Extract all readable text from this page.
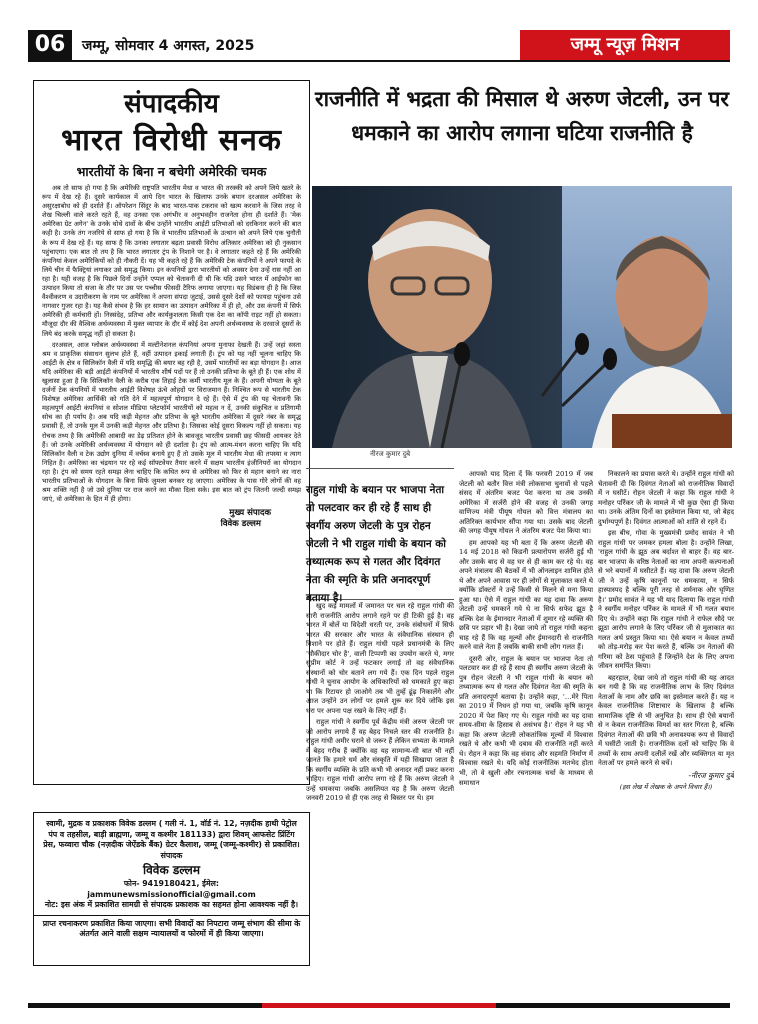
06	जम्मू, सोमवार 4 अगस्त, 2025	जम्मू न्यूज़ मिशन
संपादकीय
भारत विरोधी सनक
भारतीयों के बिना न बचेगी अमेरिकी चमक

अब तो साफ हो गया है कि अमेरिकी राष्ट्रपति भारतीय मेधा व भारत की तरक्की को अपने लिये खतरे के रूप में देख रहे हैं। दूसरे कार्यकाल में आये दिन भारत के खिलाफ उनके बयान दरअसल अमेरिका के असुरक्षाबोध को ही दर्शाते हैं। ऑपरेशन सिंदूर के बाद भारत-पाक टकराव को खत्म करवाने के जिस तरह वे शेख चिल्ली वाले करते रहते हैं, वह उनका एक अगंभीर व अनुभवहीन राजनेता होना ही दर्शाते हैं। 'मेक अमेरिका ग्रेट अगेन' के उनके थोथे दावों के बीच उन्होंने भारतीय आईटी प्रतिभाओं को दरकिनार करने की बात कही है। उनके तंग नजरिये से साफ हो गया है कि वे भारतीय प्रतिभाओं के उत्थान को अपने लिये एक चुनौती के रूप में देख रहे हैं। यह साफ है कि उनका लगातार बढ़ता प्रवासी विरोध अंतिकार अमेरिका को ही नुकसान पहुंचाएगा। एक बात तो तय है कि भारत लगातार ट्रंप के निशाने पर है। वे लगातार कहते रहे हैं कि अमेरिकी कंपनियां केवल अमेरिकियों को ही नौकरी दें। यह भी कहते रहे हैं कि अमेरिकी टेक कंपनियों ने अपने फायदे के लिये चीन में फैक्ट्रियां लगाकर उसे समृद्ध किया। इन कंपनियों द्वारा भारतीयों को अवसर देना उन्हें रास नहीं आ रहा है। यही वजह है कि पिछले दिनों उन्होंने एप्पल को चेतावनी दी थी कि यदि उसने भारत में आईफोन का उत्पादन किया तो सजा के तौर पर उस पर पच्चीस फीसदी टैरिफ लगाया जाएगा। यह विडंबना ही है कि जिस वैश्वीकरण व उदारीकरण के नाम पर अमेरिका ने अपना संपदा जुटाई, उससे दूसरे देशों को फायदा पहुंचना उसे नागवार गुजर रहा है। यह कैसे संभव है कि हर सामान का उत्पादन अमेरिका में ही हो, और उस कंपनी में सिर्फ अमेरिकी ही कर्मचारी हों। निस्संदेह, प्रतिभा और कार्यकुशलता किसी एक देश का कॉपी राइट नहीं हो सकता। मौजूदा दौर की वैश्विक अर्थव्यवस्था में मुक्त व्यापार के दौर में कोई देश अपनी अर्थव्यवस्था के दरवाजे दूसरों के लिये बंद करके समृद्ध नहीं हो सकता है।

दरअसल, आज ग्लोबल अर्थव्यवस्था में मल्टीनेशनल कंपनियां अपना मुनाफा देखती हैं। उन्हें जहां सस्ता श्रम व प्राकृतिक संसाधन सुलभ होते हैं, वहीं उत्पादन इकाई लगाती हैं। ट्रंप को यह नहीं भूलना चाहिए कि आईटी के क्षेत्र व सिलिकॉन वैली में यदि समृद्धि की बयार बह रही है, उसमें भारतीयों का बड़ा योगदान है। आज यदि अमेरिका की बड़ी आईटी कंपनियों में भारतीय शीर्ष पदों पर हैं तो उनकी प्रतिभा के बूते ही हैं। एक शोध में खुलासा हुआ है कि सिलिकॉन वैली के करीब एक तिहाई टेक कर्मी भारतीय मूल के हैं। अपनी योग्यता के बूते दर्जनों टेक कंपनियों में भारतीय आईटी विशेषज्ञ ऊंचे ओहदों पर विराजमान हैं। निश्चित रूप से भारतीय टेक विशेषज्ञ अमेरिका आर्थिकी को गति देने में महत्वपूर्ण योगदान दे रहे हैं। ऐसे में ट्रंप की यह चेतावनी कि महत्वपूर्ण आईटी कंपनियां व सोशल मीडिया प्लेटफॉर्म भारतीयों को महत्व न दें, उनकी संकुचित व प्रतिगामी सोच का ही पर्याय है। अब यदि कड़ी मेहनत और प्रतिभा के बूते भारतीय अमेरिका में दूसरे नंबर के समृद्ध प्रवासी हैं, तो उनके मूल में उनकी कड़ी मेहनत और प्रतिभा है। जिसका कोई दूसरा विकल्प नहीं हो सकता। यह रोचक तथ्य है कि अमेरिकी आबादी का डेढ़ प्रतिशत होने के बावजूद भारतीय प्रवासी छह फीसदी आयकर देते हैं। जो उनके अमेरिकी अर्थव्यवस्था में योगदान को ही दर्शाता है। ट्रंप को आत्म-मंथन करना चाहिए कि यदि सिलिकॉन वैली व टेक उद्योग दुनिया में वर्चस्व बनाये हुए हैं तो उसके मूल में भारतीय मेधा की तपस्या व त्याग निहित है। अमेरिका का चंद्रयान पर रहे कई सॉफ्टवेयर तैयार करने में सक्षम भारतीय इंजीनियरों का योगदान रहा है। ट्रंप को समय रहते समझ लेना चाहिए कि कथित रूप से अमेरिका को फिर से महान बनाने का नारा भारतीय प्रतिभाओं के योगदान के बिना सिर्फ जुमला बनकर रह जाएगा। अमेरिका के पास गोरे लोगों की वह श्रम शक्ति नहीं है जो उसे दुनिया पर राज करने का मौका दिला सके। इस बात को ट्रंप जितनी जल्दी समझ जाएं, वो अमेरिका के हित में ही होगा।

मुख्य संपादक
विवेक डल्लम
स्वामी, मुद्रक व प्रकाशक विवेक डल्लम ( गली नं. 1, वॉर्ड नं. 12, नज़दीक हाथी पेट्रोल पंप व तहसील, बाड़ी ब्राह्मणा, जम्मू व कश्मीर 181133) द्वारा शिवम् आफसेट प्रिंटिंग प्रेस, फव्वारा चौक (नज़दीक जेऐंडके बैंक) ग्रेटर कैलाश, जम्मू (जम्मू-कश्मीर) से प्रकाशित।
संपादक
विवेक डल्लम
फोन- 9419180421, ईमेल: jammunewsmissionofficial@gmail.com
नोट: इस अंक में प्रकाशित सामग्री से संपादक प्रकाशक का सहमत होना आवश्यक नहीं है।
प्राप्त रचनाकरण प्रकाशित किया जाएगा। सभी विवादों का निपटारा जम्मू संभाग की सीमा के अंतर्गत आने वाली सक्षम न्यायालयों व फोरमों में ही किया जाएगा।
राजनीति में भद्रता की मिसाल थे अरुण जेटली, उन पर धमकाने का आरोप लगाना घटिया राजनीति है
नीरज कुमार दुबे
राहुल गांधी के बयान पर भाजपा नेता तो पलटवार कर ही रहे हैं साथ ही स्वर्गीय अरुण जेटली के पुत्र रोहन जेटली ने भी राहुल गांधी के बयान को तथ्यात्मक रूप से गलत और दिवंगत नेता की स्मृति के प्रति अनादरपूर्ण बताया है।

खुद कई मामलों में जमानत पर चल रहे राहुल गांधी की सारी राजनीति आरोप लगाने रहने पर ही टिकी हुई है। वह भारत में बोलें या विदेशी धरती पर, उनके संबोधनों में सिर्फ भारत की सरकार और भारत के संवैधानिक संस्थान ही निशाने पर होते हैं। राहुल गांधी पहले प्रधानमंत्री के लिए 'चौकीदार चोर है', वाली टिप्पणी का उपयोग करते थे, मगर सुप्रीम कोर्ट ने उन्हें फटकार लगाई तो वह संवैधानिक संस्थानों को चोर बताने लग गये हैं। एक दिन पहले राहुल गांधी ने चुनाव आयोग के अधिकारियों को धमकाते हुए कहा था कि रिटायर हो जाओगे तब भी तुम्हें ढूंढ़ निकालेंगे और आज उन्होंने उन लोगों पर हमले शुरू कर दिये जोकि इस धरा पर अपना पक्ष रखने के लिए नहीं हैं।

राहुल गांधी ने स्वर्गीय पूर्व केंद्रीय मंत्री अरुण जेटली पर जो आरोप लगाये हैं वह बेहद निचले स्तर की राजनीति है। राहुल गांधी अमीर घराने से जरूर हैं लेकिन सभ्यता के मामले में बेहद गरीब हैं क्योंकि वह यह सामान्य-सी बात भी नहीं जानते कि हमारे धर्म और संस्कृति में यही सिखाया जाता है कि स्वर्गीय व्यक्ति के प्रति कभी भी अनादर नहीं प्रकट करना चाहिए। राहुल गांधी आरोप लगा रहे हैं कि अरुण जेटली ने उन्हें धमकाया जबकि असलियत यह है कि अरुण जेटली जनवरी 2019 से ही एक तरह से बिस्तर पर थे। हम

आपको याद दिला दें कि फरवरी 2019 में जब जेटली को बतौर वित्त मंत्री लोकसभा चुनावों से पहले संसद में अंतरिम बजट पेश करना था तब उनकी अमेरिका में सर्जरी होने की वजह से उनकी जगह वाणिज्य मंत्री पीयूष गोयल को वित्त मंत्रालय का अतिरिक्त कार्यभार सौंपा गया था। उसके बाद जेटली की जगह पीयूष गोयल ने अंतरिम बजट पेश किया था।

हम आपको यह भी बता दें कि अरुण जेटली की 14 मई 2018 को किडनी प्रत्यारोपण सर्जरी हुई थी और उसके बाद से वह घर से ही काम कर रहे थे। वह अपने मंत्रालय की बैठकों में भी ऑनलाइन शामिल होते थे और अपने आवास पर ही लोगों से मुलाकात करते थे क्योंकि डॉक्टरों ने उन्हें किसी से मिलने से मना किया हुआ था। ऐसे में राहुल गांधी का यह दावा कि अरुण जेटली उन्हें धमकाने गये थे ना सिर्फ सफेद झूठ है बल्कि देश के ईमानदार नेताओं में शुमार रहे व्यक्ति की छवि पर प्रहार भी है। देखा जाये तो राहुल गांधी कहना चाह रहे हैं कि वह मूल्यों और ईमानदारी से राजनीति करने वाले नेता हैं जबकि बाकी सभी लोग गलत हैं।

दूसरी ओर, राहुल के बयान पर भाजपा नेता तो पलटवार कर ही रहे हैं साथ ही स्वर्गीय अरुण जेटली के पुत्र रोहन जेटली ने भी राहुल गांधी के बयान को तथ्यात्मक रूप से गलत और दिवंगत नेता की स्मृति के प्रति अनादरपूर्ण बताया है। उन्होंने कहा, '…मेरे पिता का 2019 में निधन हो गया था, जबकि कृषि कानून 2020 में पेश किए गए थे। राहुल गांधी का यह दावा समय-सीमा के हिसाब से असंभव है।' रोहन ने यह भी कहा कि अरुण जेटली लोकतांत्रिक मूल्यों में विश्वास रखते थे और कभी भी दबाव की राजनीति नहीं करते थे। रोहन ने कहा कि वह संवाद और सहमति निर्माण में विश्वास रखते थे। यदि कोई राजनीतिक मतभेद होता भी, तो वे खुली और रचनात्मक चर्चा के माध्यम से समाधान

निकालने का प्रयास करते थे। उन्होंने राहुल गांधी को चेतावनी दी कि दिवंगत नेताओं को राजनीतिक विवादों में न घसीटें। रोहन जेटली ने कहा कि राहुल गांधी ने मनोहर पर्रिकर जी के मामले में भी कुछ ऐसा ही किया था। उनके अंतिम दिनों का इस्तेमाल किया था, जो बेहद दुर्भाग्यपूर्ण है। दिवंगत आत्माओं को शांति से रहने दें।

इस बीच, गोवा के मुख्यमंत्री प्रमोद सावंत ने भी राहुल गांधी पर जमकर हमला बोला है। उन्होंने लिखा, 'राहुल गांधी के झूठ अब बर्दाश्त से बाहर हैं। वह बार-बार भाजपा के वरिष्ठ नेताओं का नाम अपनी कल्पनाओं से भरे बयानों में घसीटते हैं। यह दावा कि अरुण जेटली जी ने उन्हें कृषि कानूनों पर धमकाया, न सिर्फ हास्यास्पद है बल्कि पूरी तरह से शर्मनाक और घृणित है।' प्रमोद सावंत ने यह भी याद दिलाया कि राहुल गांधी ने स्वर्गीय मनोहर पर्रिकर के मामले में भी गलत बयान दिए थे। उन्होंने कहा कि राहुल गांधी ने राफेल सौदे पर झूठा आरोप लगाने के लिए पर्रिकर जी से मुलाकात का गलत अर्थ प्रस्तुत किया था। ऐसे बयान न केवल तथ्यों को तोड़-मरोड़ कर पेश करते हैं, बल्कि उन नेताओं की गरिमा को ठेस पहुंचाते हैं जिन्होंने देश के लिए अपना जीवन समर्पित किया।

बहरहाल, देखा जाये तो राहुल गांधी की यह आदत बन गयी है कि वह राजनीतिक लाभ के लिए दिवंगत नेताओं के नाम और छवि का इस्तेमाल करते हैं। यह न केवल राजनीतिक शिष्टाचार के खिलाफ है बल्कि सामाजिक दृष्टि से भी अनुचित है। साथ ही ऐसे बयानों से न केवल राजनीतिक विमर्श का स्तर गिरता है, बल्कि दिवंगत नेताओं की छवि भी अनावश्यक रूप से विवादों में घसीटी जाती है। राजनीतिक दलों को चाहिए कि वे तथ्यों के साथ अपनी दलीलें रखें और व्यक्तिगत या मृत नेताओं पर हमले करने से बचें।

-नीरज कुमार दुबे
(इस लेख में लेखक के अपने विचार हैं।)
